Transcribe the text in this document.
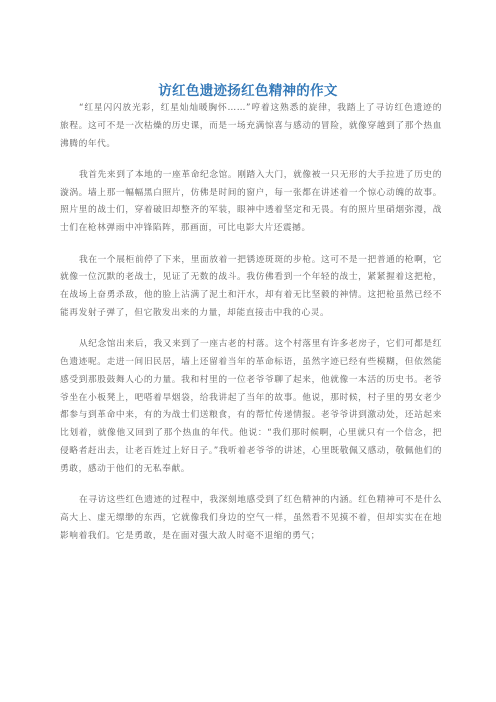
访红色遗迹扬红色精神的作文

“红星闪闪放光彩，红星灿灿暖胸怀……”哼着这熟悉的旋律，我踏上了寻访红色遗迹的旅程。这可不是一次枯燥的历史课，而是一场充满惊喜与感动的冒险，就像穿越到了那个热血沸腾的年代。

我首先来到了本地的一座革命纪念馆。刚踏入大门，就像被一只无形的大手拉进了历史的漩涡。墙上那一幅幅黑白照片，仿佛是时间的窗户，每一张都在讲述着一个惊心动魄的故事。照片里的战士们，穿着破旧却整齐的军装，眼神中透着坚定和无畏。有的照片里硝烟弥漫，战士们在枪林弹雨中冲锋陷阵，那画面，可比电影大片还震撼。

我在一个展柜前停了下来，里面放着一把锈迹斑斑的步枪。这可不是一把普通的枪啊，它就像一位沉默的老战士，见证了无数的战斗。我仿佛看到一个年轻的战士，紧紧握着这把枪，在战场上奋勇杀敌，他的脸上沾满了泥土和汗水，却有着无比坚毅的神情。这把枪虽然已经不能再发射子弹了，但它散发出来的力量，却能直接击中我的心灵。

从纪念馆出来后，我又来到了一座古老的村落。这个村落里有许多老房子，它们可都是红色遗迹呢。走进一间旧民居，墙上还留着当年的革命标语，虽然字迹已经有些模糊，但依然能感受到那股鼓舞人心的力量。我和村里的一位老爷爷聊了起来，他就像一本活的历史书。老爷爷坐在小板凳上，吧嗒着旱烟袋，给我讲起了当年的故事。他说，那时候，村子里的男女老少都参与到革命中来，有的为战士们送粮食，有的帮忙传递情报。老爷爷讲到激动处，还站起来比划着，就像他又回到了那个热血的年代。他说：“我们那时候啊，心里就只有一个信念，把侵略者赶出去，让老百姓过上好日子。”我听着老爷爷的讲述，心里既敬佩又感动，敬佩他们的勇敢，感动于他们的无私奉献。

在寻访这些红色遗迹的过程中，我深刻地感受到了红色精神的内涵。红色精神可不是什么高大上、虚无缥缈的东西，它就像我们身边的空气一样，虽然看不见摸不着，但却实实在在地影响着我们。它是勇敢，是在面对强大敌人时毫不退缩的勇气；
